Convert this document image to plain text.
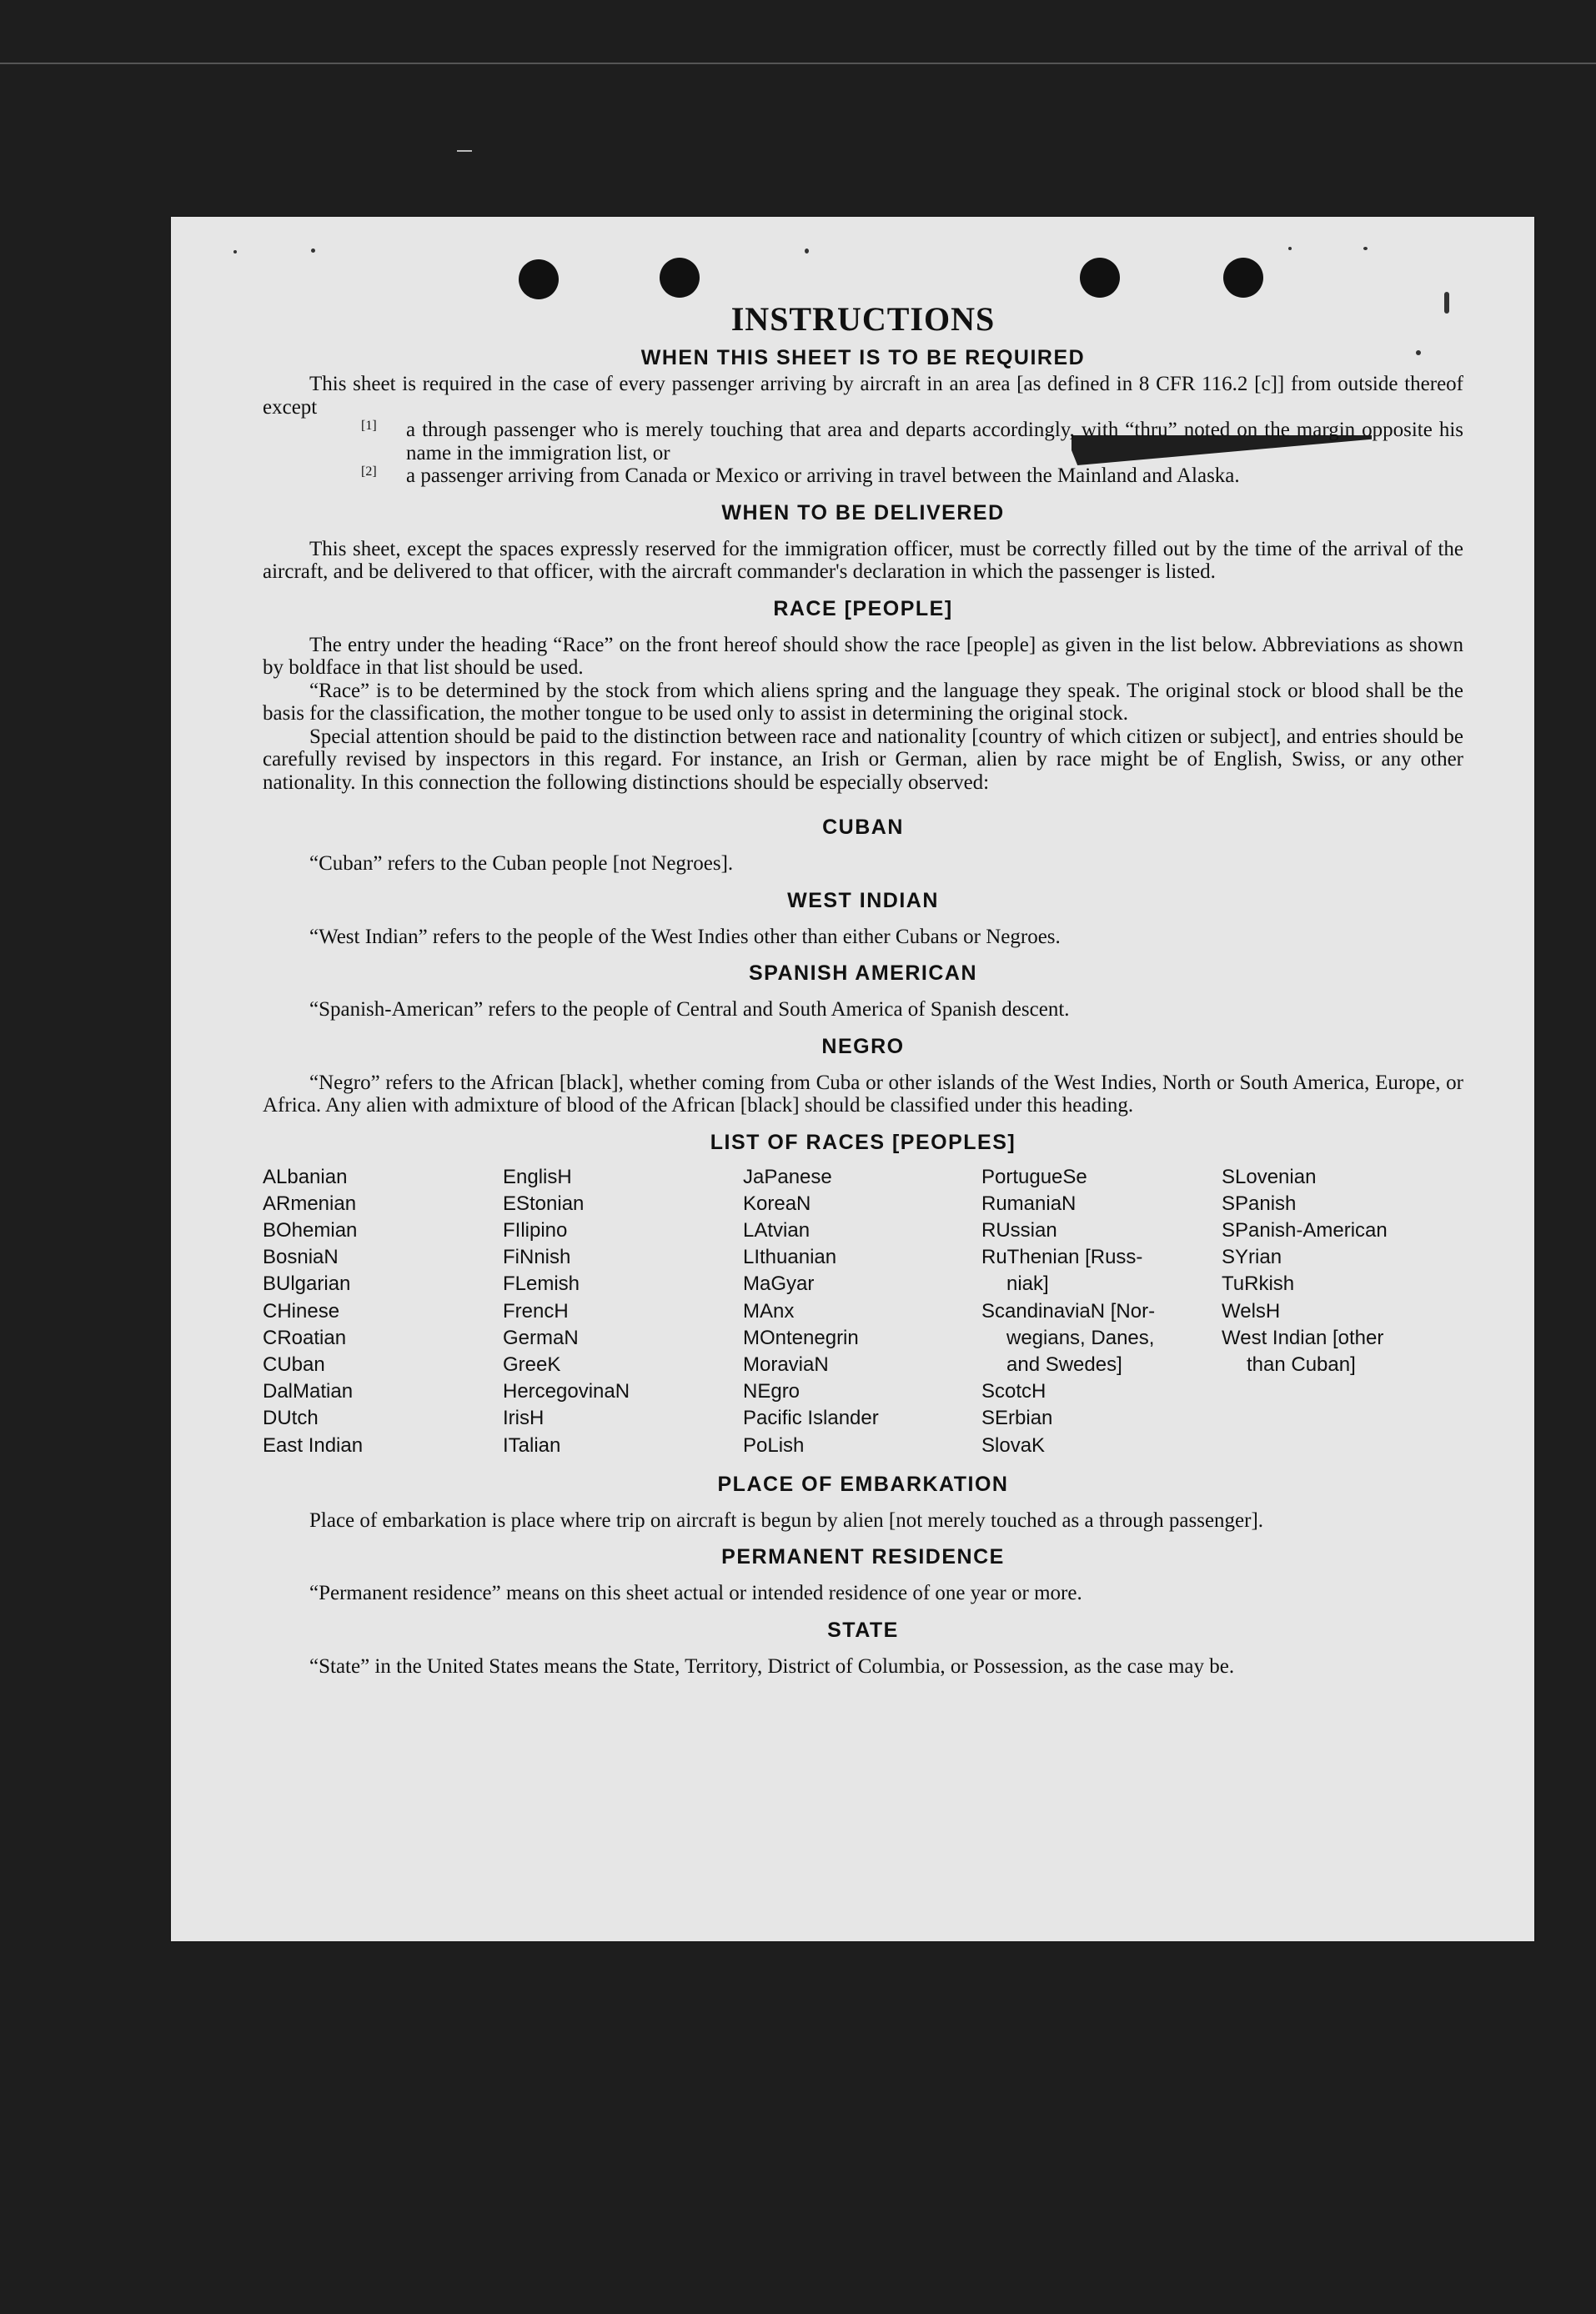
INSTRUCTIONS
WHEN THIS SHEET IS TO BE REQUIRED

This sheet is required in the case of every passenger arriving by aircraft in an area [as defined in 8 CFR 116.2 [c]] from outside thereof except

[1]	a through passenger who is merely touching that area and departs accordingly, with “thru” noted on the margin opposite his name in the immigration list, or

[2]	a passenger arriving from Canada or Mexico or arriving in travel between the Mainland and Alaska.

WHEN TO BE DELIVERED

This sheet, except the spaces expressly reserved for the immigration officer, must be correctly filled out by the time of the arrival of the aircraft, and be delivered to that officer, with the aircraft commander's declaration in which the passenger is listed.

RACE [PEOPLE]

The entry under the heading “Race” on the front hereof should show the race [people] as given in the list below. Abbreviations as shown by boldface in that list should be used.

“Race” is to be determined by the stock from which aliens spring and the language they speak. The original stock or blood shall be the basis for the classification, the mother tongue to be used only to assist in determining the original stock.

Special attention should be paid to the distinction between race and nationality [country of which citizen or subject], and entries should be carefully revised by inspectors in this regard. For instance, an Irish or German, alien by race might be of English, Swiss, or any other nationality. In this connection the following distinctions should be especially observed:

CUBAN

“Cuban” refers to the Cuban people [not Negroes].

WEST INDIAN

“West Indian” refers to the people of the West Indies other than either Cubans or Negroes.

SPANISH AMERICAN

“Spanish-American” refers to the people of Central and South America of Spanish descent.

NEGRO

“Negro” refers to the African [black], whether coming from Cuba or other islands of the West Indies, North or South America, Europe, or Africa. Any alien with admixture of blood of the African [black] should be classified under this heading.

LIST OF RACES [PEOPLES]
ALbanian
ARmenian
BOhemian
BosniaN
BUlgarian
CHinese
CRoatian
CUban
DalMatian
DUtch
East Indian
EnglisH
EStonian
FIlipino
FiNnish
FLemish
FrencH
GermaN
GreeK
HercegovinaN
IrisH
ITalian
JaPanese
KoreaN
LAtvian
LIthuanian
MaGyar
MAnx
MOntenegrin
MoraviaN
NEgro
Pacific Islander
PoLish
PortugueSe
RumaniaN
RUssian
RuThenian [Russ-
niak]
ScandinaviaN [Nor-
wegians, Danes,
and Swedes]
ScotcH
SErbian
SlovaK
SLovenian
SPanish
SPanish-American
SYrian
TuRkish
WelsH
West Indian [other
than Cuban]
PLACE OF EMBARKATION

Place of embarkation is place where trip on aircraft is begun by alien [not merely touched as a through passenger].

PERMANENT RESIDENCE

“Permanent residence” means on this sheet actual or intended residence of one year or more.

STATE

“State” in the United States means the State, Territory, District of Columbia, or Possession, as the case may be.
